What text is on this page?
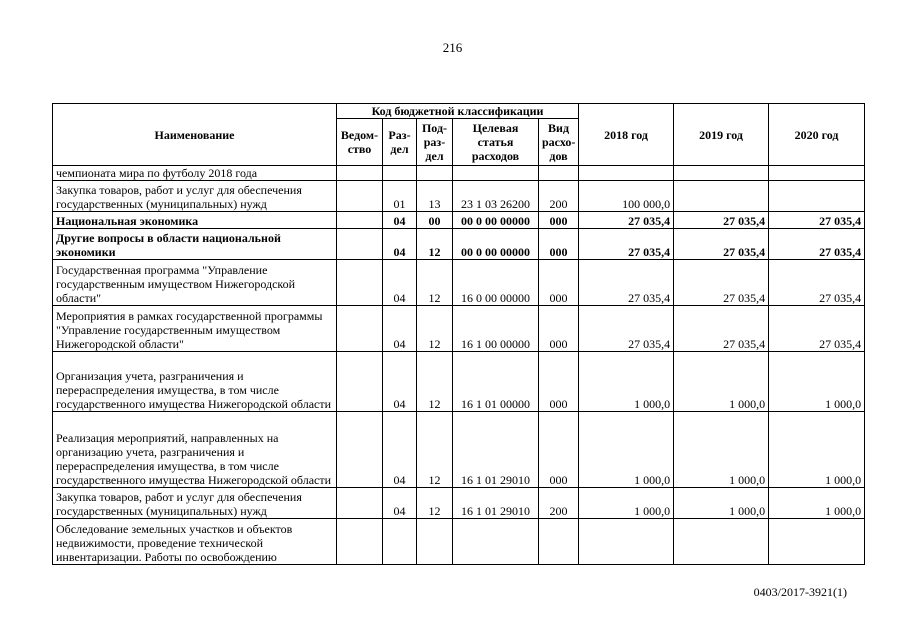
216
Наименование	Код бюджетной классификации					2018 год	2019 год	2020 год
	Ведом-ство	Раз-дел	Под-раз-дел	Целевая статья расходов	Вид расхо-дов			
чемпионата мира по футболу 2018 года								
Закупка товаров, работ и услуг для обеспечения государственных (муниципальных) нужд		01	13	23 1 03 26200	200	100 000,0		
Национальная экономика		04	00	00 0 00 00000	000	27 035,4	27 035,4	27 035,4
Другие вопросы в области национальной экономики		04	12	00 0 00 00000	000	27 035,4	27 035,4	27 035,4
Государственная программа "Управление государственным имуществом Нижегородской области"		04	12	16 0 00 00000	000	27 035,4	27 035,4	27 035,4
Мероприятия в рамках государственной программы "Управление государственным имуществом Нижегородской области"		04	12	16 1 00 00000	000	27 035,4	27 035,4	27 035,4
Организация учета, разграничения и перераспределения имущества, в том числе государственного имущества Нижегородской области		04	12	16 1 01 00000	000	1 000,0	1 000,0	1 000,0
Реализация мероприятий, направленных на организацию учета, разграничения и перераспределения имущества, в том числе государственного имущества Нижегородской области		04	12	16 1 01 29010	000	1 000,0	1 000,0	1 000,0
Закупка товаров, работ и услуг для обеспечения государственных (муниципальных) нужд		04	12	16 1 01 29010	200	1 000,0	1 000,0	1 000,0
Обследование земельных участков и объектов недвижимости, проведение технической инвентаризации. Работы по освобождению								
0403/2017-3921(1)
